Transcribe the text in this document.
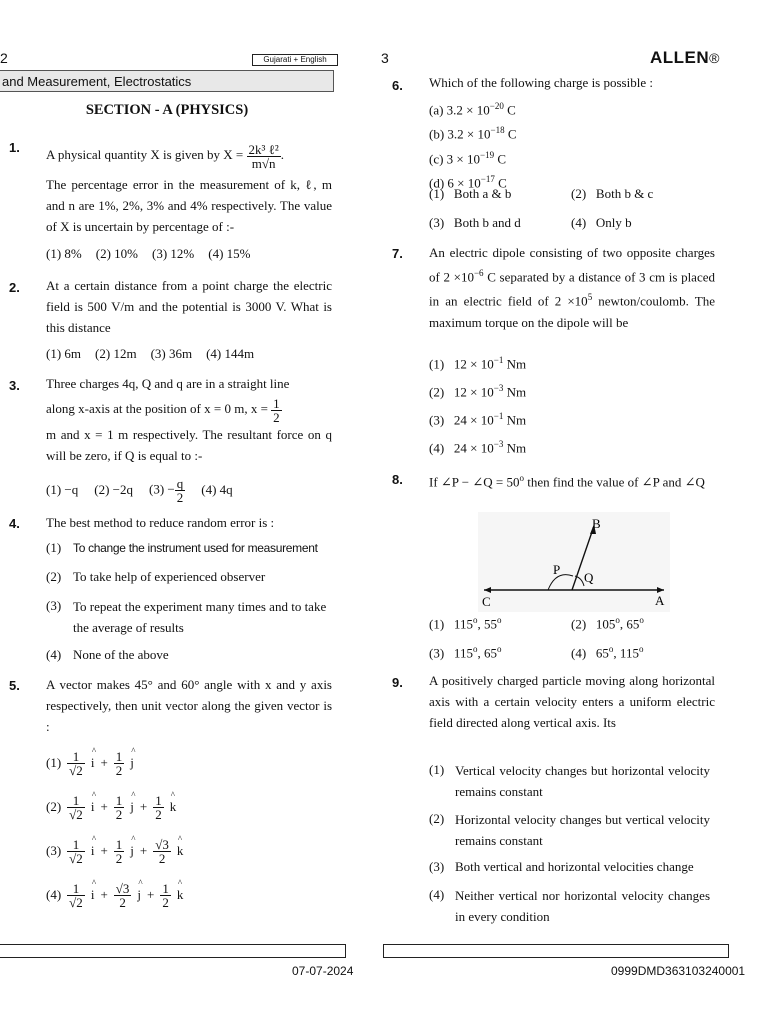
2	Gujarati + English
and Measurement, Electrostatics
3	ALLEN®
SECTION - A (PHYSICS)
1. A physical quantity X is given by $X = \frac{\text{2k³ ℓ²}}{m√n}$ .
The percentage error in the measurement of k, ℓ, m and n are 1%, 2%, 3% and 4% respectively. The value of X is uncertain by percentage of :-
(1) 8% (2) 10% (3) 12% (4) 15%
2. At a certain distance from a point charge the electric field is 500 V/m and the potential is 3000 V. What is this distance
(1) 6m (2) 12m (3) 36m (4) 144m
3. Three charges 4q, Q and q are in a straight line
along x-axis at the position of x = 0 m, $x = \frac{1}{2}$
m and x = 1 m respectively. The resultant force on q will be zero, if Q is equal to :-
(1) −q (2) −2q $(3) - \frac{q}{2} (4)$ 4q
4. The best method to reduce random error is :
(1) To change the instrument used for measurement
(2) To take help of experienced observer
(3) To repeat the experiment many times and to take the average of results
(4) None of the above
5. A vector makes 45° and 60° angle with x and y axis respectively, then unit vector along the given vector is :
$(1) \frac{1}{√2}$ ^ $i + \frac{1}{2}$ ^ j
$(2) \frac{1}{√2}$ ^ $i + \frac{1}{2}$ ^ $j + \frac{1}{2}$ ^ k
$(3) \frac{1}{√2}$ ^ $i + \frac{1}{2}$ ^ $j + \frac{√3}{2}$ ^ k
$(4) \frac{1}{√2}$ ^ $i + \frac{√3}{2}$ ^ $j + \frac{1}{2}$ ^ k
6. Which of the following charge is possible :
(a) $3.2 \times 10^{-20}$ C
(b) $3.2 \times 10^{-18}$ C
(c) $3 \times 10^{-19}$ C
(d) $6 \times 10^{-17}$ C
(1)   Both a & b	(2)   Both b & c
(3)   Both b and d	(4)   Only b
7. An electric dipole consisting of two opposite charges of $2 \times 10^{-6}$ C separated by a distance of 3 cm is placed in an electric field of $2 \times 10^5$ newton/coulomb. The maximum torque on the dipole will be
(1)   $12 \times 10^{-1}$ Nm
(2)   $12 \times 10^{-3}$ Nm
(3)   $24 \times 10^{-1}$ Nm
(4)   $24 \times 10^{-3}$ Nm
8. If ∠P − ∠Q = $50^o$ then find the value of ∠P and ∠Q
B
P
Q
C	A
(1) 115$^o$, 55$^o$	(2) 105$^o$, 65$^o$
(3) 115$^o$, 65$^o$	(4) 65$^o$, 115$^o$
9. A positively charged particle moving along horizontal axis with a certain velocity enters a uniform electric field directed along vertical axis. Its
(1) Vertical velocity changes but horizontal velocity remains constant
(2) Horizontal velocity changes but vertical velocity remains constant
(3) Both vertical and horizontal velocities change
(4) Neither vertical nor horizontal velocity changes in every condition
07-07-2024	0999DMD363103240001
